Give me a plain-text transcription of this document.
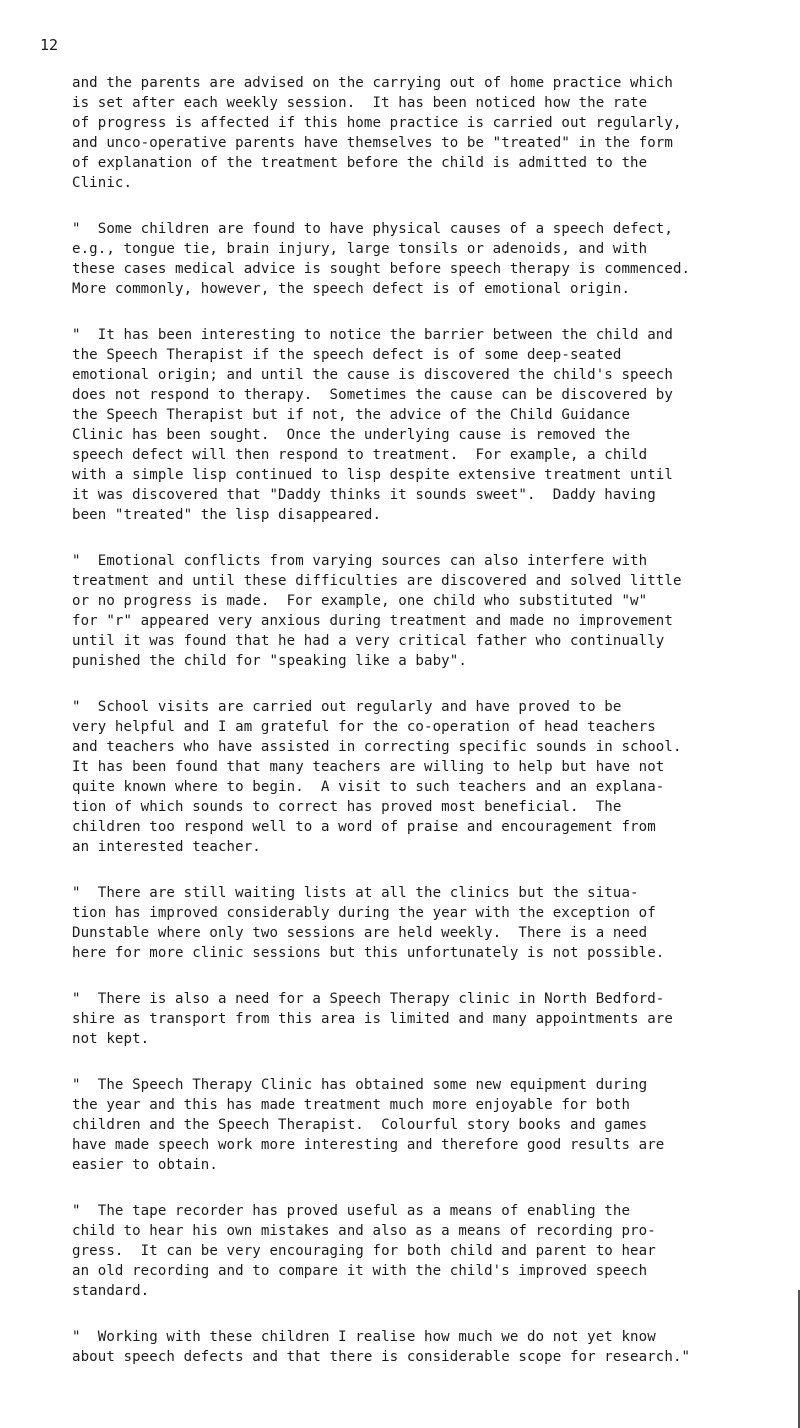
12

and the parents are advised on the carrying out of home practice which
is set after each weekly session.  It has been noticed how the rate
of progress is affected if this home practice is carried out regularly,
and unco-operative parents have themselves to be "treated" in the form
of explanation of the treatment before the child is admitted to the
Clinic.

"  Some children are found to have physical causes of a speech defect,
e.g., tongue tie, brain injury, large tonsils or adenoids, and with
these cases medical advice is sought before speech therapy is commenced.
More commonly, however, the speech defect is of emotional origin.

"  It has been interesting to notice the barrier between the child and
the Speech Therapist if the speech defect is of some deep-seated
emotional origin; and until the cause is discovered the child's speech
does not respond to therapy.  Sometimes the cause can be discovered by
the Speech Therapist but if not, the advice of the Child Guidance
Clinic has been sought.  Once the underlying cause is removed the
speech defect will then respond to treatment.  For example, a child
with a simple lisp continued to lisp despite extensive treatment until
it was discovered that "Daddy thinks it sounds sweet".  Daddy having
been "treated" the lisp disappeared.

"  Emotional conflicts from varying sources can also interfere with
treatment and until these difficulties are discovered and solved little
or no progress is made.  For example, one child who substituted "w"
for "r" appeared very anxious during treatment and made no improvement
until it was found that he had a very critical father who continually
punished the child for "speaking like a baby".

"  School visits are carried out regularly and have proved to be
very helpful and I am grateful for the co-operation of head teachers
and teachers who have assisted in correcting specific sounds in school.
It has been found that many teachers are willing to help but have not
quite known where to begin.  A visit to such teachers and an explana-
tion of which sounds to correct has proved most beneficial.  The
children too respond well to a word of praise and encouragement from
an interested teacher.

"  There are still waiting lists at all the clinics but the situa-
tion has improved considerably during the year with the exception of
Dunstable where only two sessions are held weekly.  There is a need
here for more clinic sessions but this unfortunately is not possible.

"  There is also a need for a Speech Therapy clinic in North Bedford-
shire as transport from this area is limited and many appointments are
not kept.

"  The Speech Therapy Clinic has obtained some new equipment during
the year and this has made treatment much more enjoyable for both
children and the Speech Therapist.  Colourful story books and games
have made speech work more interesting and therefore good results are
easier to obtain.

"  The tape recorder has proved useful as a means of enabling the
child to hear his own mistakes and also as a means of recording pro-
gress.  It can be very encouraging for both child and parent to hear
an old recording and to compare it with the child's improved speech
standard.

"  Working with these children I realise how much we do not yet know
about speech defects and that there is considerable scope for research."
